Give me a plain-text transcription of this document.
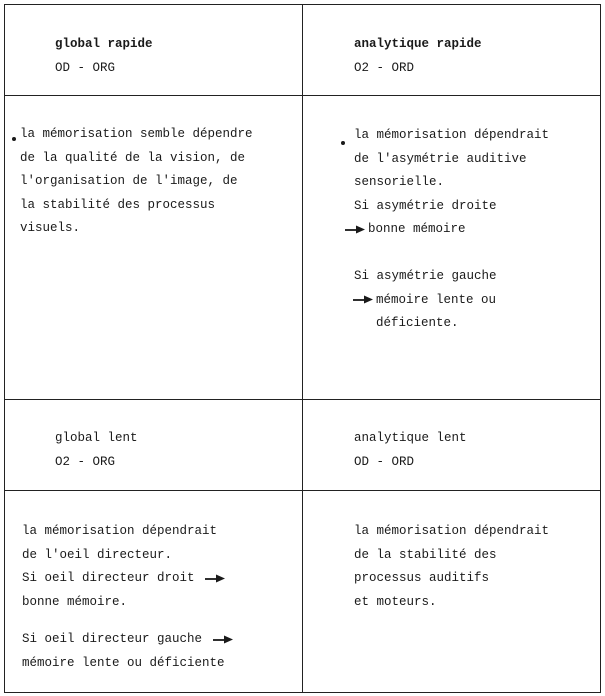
global rapide
OD - ORG
analytique rapide
O2 - ORD
la mémorisation semble dépendre
de la qualité de la vision, de
l'organisation de l'image, de
la stabilité des processus
visuels.
la mémorisation dépendrait
de l'asymétrie auditive
sensorielle.
Si asymétrie droite
bonne mémoire
Si asymétrie gauche
mémoire lente ou
déficiente.
global lent
O2 - ORG
analytique lent
OD - ORD
la mémorisation dépendrait
de l'oeil directeur.
Si oeil directeur droit
bonne mémoire.
Si oeil directeur gauche
mémoire lente ou déficiente
la mémorisation dépendrait
de la stabilité des
processus auditifs
et moteurs.
